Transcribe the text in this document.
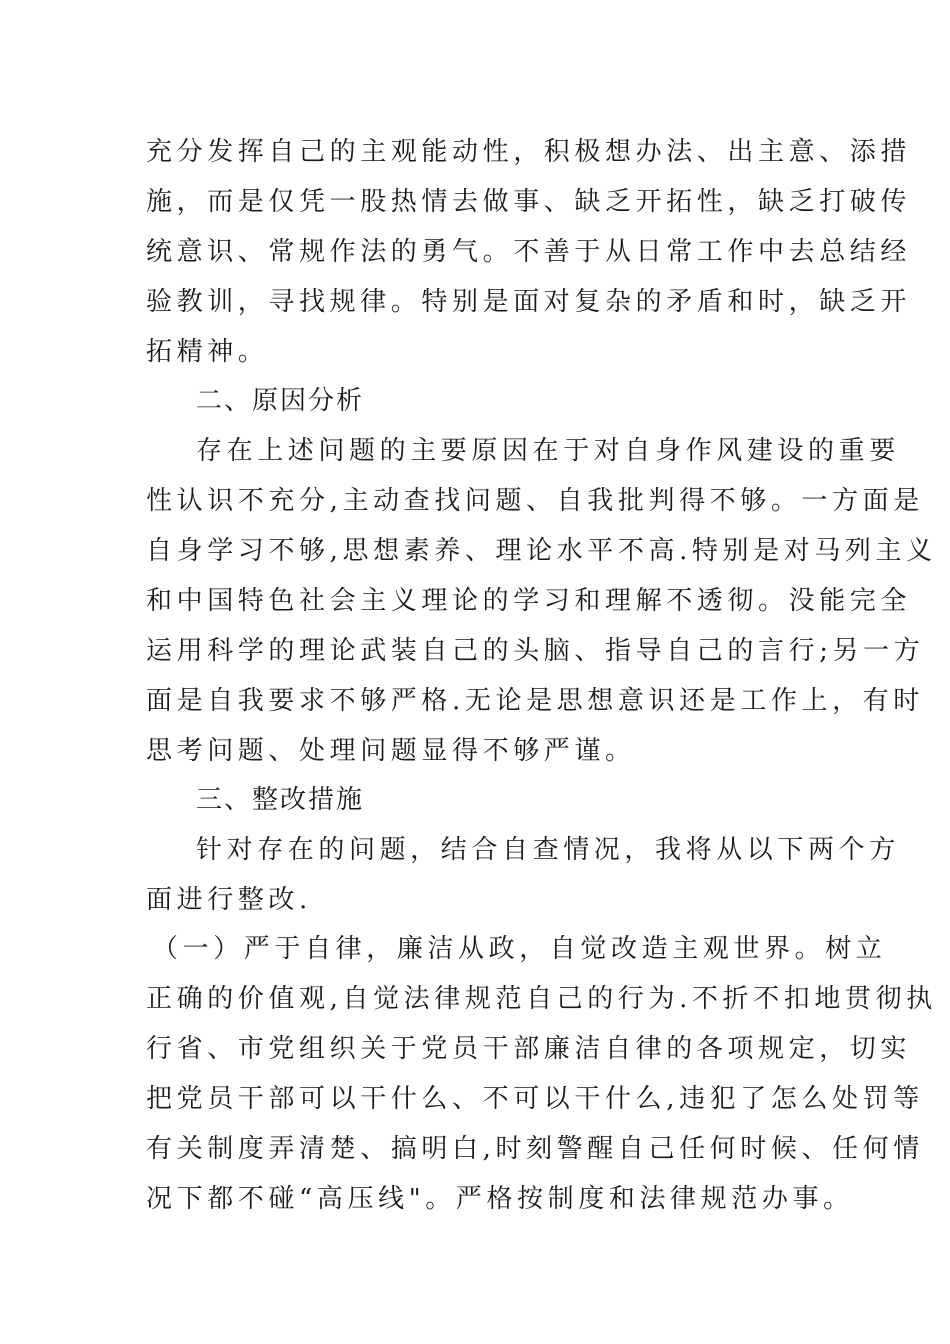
充分发挥自己的主观能动性，积极想办法、出主意、添措
施，而是仅凭一股热情去做事、缺乏开拓性，缺乏打破传
统意识、常规作法的勇气。不善于从日常工作中去总结经
验教训，寻找规律。特别是面对复杂的矛盾和时，缺乏开
拓精神。
二、原因分析
存在上述问题的主要原因在于对自身作风建设的重要
性认识不充分,主动查找问题、自我批判得不够。一方面是
自身学习不够,思想素养、理论水平不高.特别是对马列主义
和中国特色社会主义理论的学习和理解不透彻。没能完全
运用科学的理论武装自己的头脑、指导自己的言行;另一方
面是自我要求不够严格.无论是思想意识还是工作上，有时
思考问题、处理问题显得不够严谨。
三、整改措施
针对存在的问题，结合自查情况，我将从以下两个方
面进行整改.
（一）严于自律，廉洁从政，自觉改造主观世界。树立
正确的价值观,自觉法律规范自己的行为.不折不扣地贯彻执
行省、市党组织关于党员干部廉洁自律的各项规定，切实
把党员干部可以干什么、不可以干什么,违犯了怎么处罚等
有关制度弄清楚、搞明白,时刻警醒自己任何时候、任何情
况下都不碰“高压线"。严格按制度和法律规范办事。
